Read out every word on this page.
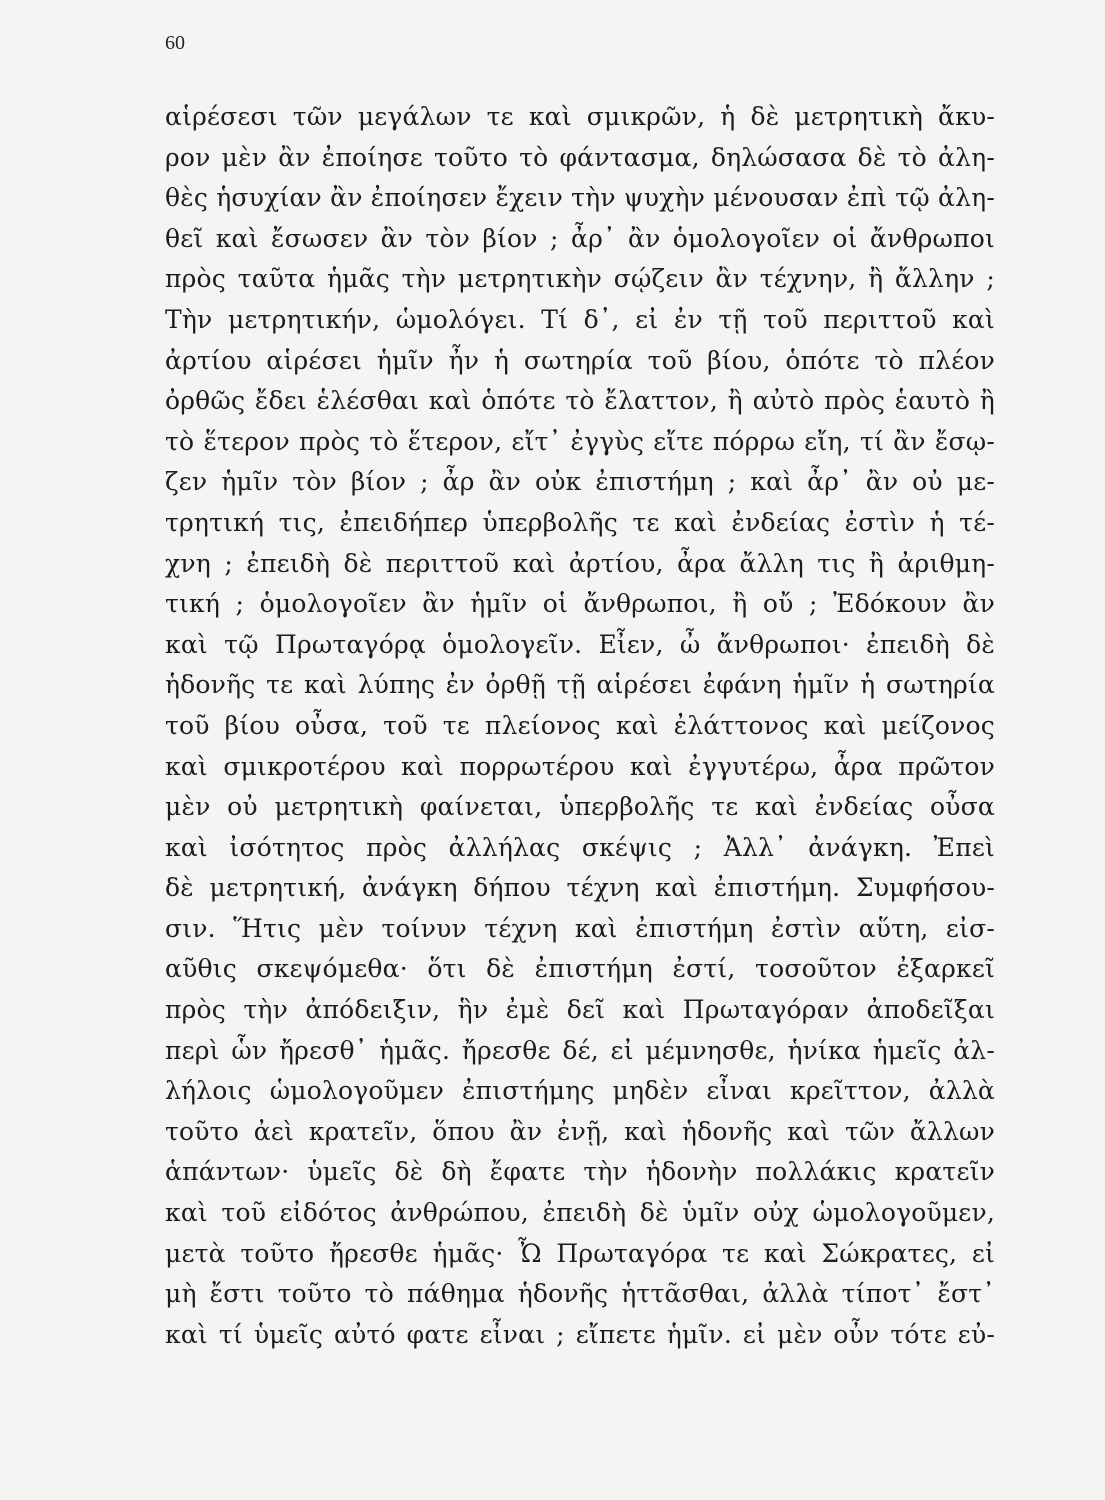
60
αἱρέσεσι τῶν μεγάλων τε καὶ σμικρῶν, ἡ δὲ μετρητικὴ ἄκυ-
ρον μὲν ἂν ἐποίησε τοῦτο τὸ φάντασμα, δηλώσασα δὲ τὸ ἀλη-
θὲς ἡσυχίαν ἂν ἐποίησεν ἔχειν τὴν ψυχὴν μένουσαν ἐπὶ τῷ ἀλη-
θεῖ καὶ ἔσωσεν ἂν τὸν βίον ; ἆρ᾽ ἂν ὁμολογοῖεν οἱ ἄνθρωποι
πρὸς ταῦτα ἡμᾶς τὴν μετρητικὴν σῴζειν ἂν τέχνην, ἢ ἄλλην ;
Τὴν μετρητικήν, ὡμολόγει. Τί δ᾽, εἰ ἐν τῇ τοῦ περιττοῦ καὶ
ἀρτίου αἱρέσει ἡμῖν ἦν ἡ σωτηρία τοῦ βίου, ὁπότε τὸ πλέον
ὀρθῶς ἔδει ἑλέσθαι καὶ ὁπότε τὸ ἔλαττον, ἢ αὐτὸ πρὸς ἑαυτὸ ἢ
τὸ ἕτερον πρὸς τὸ ἕτερον, εἴτ᾽ ἐγγὺς εἴτε πόρρω εἴη, τί ἂν ἔσῳ-
ζεν ἡμῖν τὸν βίον ; ἆρ ἂν οὐκ ἐπιστήμη ; καὶ ἆρ᾽ ἂν οὐ με-
τρητική τις, ἐπειδήπερ ὑπερβολῆς τε καὶ ἐνδείας ἐστὶν ἡ τέ-
χνη ; ἐπειδὴ δὲ περιττοῦ καὶ ἀρτίου, ἆρα ἄλλη τις ἢ ἀριθμη-
τική ; ὁμολογοῖεν ἂν ἡμῖν οἱ ἄνθρωποι, ἢ οὔ ; Ἐδόκουν ἂν
καὶ τῷ Πρωταγόρᾳ ὁμολογεῖν. Εἶεν, ὦ ἄνθρωποι· ἐπειδὴ δὲ
ἡδονῆς τε καὶ λύπης ἐν ὀρθῇ τῇ αἱρέσει ἐφάνη ἡμῖν ἡ σωτηρία
τοῦ βίου οὖσα, τοῦ τε πλείονος καὶ ἐλάττονος καὶ μείζονος
καὶ σμικροτέρου καὶ πορρωτέρου καὶ ἐγγυτέρω, ἆρα πρῶτον
μὲν οὐ μετρητικὴ φαίνεται, ὑπερβολῆς τε καὶ ἐνδείας οὖσα
καὶ ἰσότητος πρὸς ἀλλήλας σκέψις ; Ἀλλ᾽ ἀνάγκη. Ἐπεὶ
δὲ μετρητική, ἀνάγκη δήπου τέχνη καὶ ἐπιστήμη. Συμφήσου-
σιν. Ἥτις μὲν τοίνυν τέχνη καὶ ἐπιστήμη ἐστὶν αὕτη, εἰσ-
αῦθις σκεψόμεθα· ὅτι δὲ ἐπιστήμη ἐστί, τοσοῦτον ἐξαρκεῖ
πρὸς τὴν ἀπόδειξιν, ἣν ἐμὲ δεῖ καὶ Πρωταγόραν ἀποδεῖξαι
περὶ ὧν ἤρεσθ᾽ ἡμᾶς. ἤρεσθε δέ, εἰ μέμνησθε, ἡνίκα ἡμεῖς ἀλ-
λήλοις ὡμολογοῦμεν ἐπιστήμης μηδὲν εἶναι κρεῖττον, ἀλλὰ
τοῦτο ἀεὶ κρατεῖν, ὅπου ἂν ἐνῇ, καὶ ἡδονῆς καὶ τῶν ἄλλων
ἁπάντων· ὑμεῖς δὲ δὴ ἔφατε τὴν ἡδονὴν πολλάκις κρατεῖν
καὶ τοῦ εἰδότος ἀνθρώπου, ἐπειδὴ δὲ ὑμῖν οὐχ ὡμολογοῦμεν,
μετὰ τοῦτο ἤρεσθε ἡμᾶς· Ὦ Πρωταγόρα τε καὶ Σώκρατες, εἰ
μὴ ἔστι τοῦτο τὸ πάθημα ἡδονῆς ἡττᾶσθαι, ἀλλὰ τίποτ᾽ ἔστ᾽
καὶ τί ὑμεῖς αὐτό φατε εἶναι ; εἴπετε ἡμῖν. εἰ μὲν οὖν τότε εὐ-
